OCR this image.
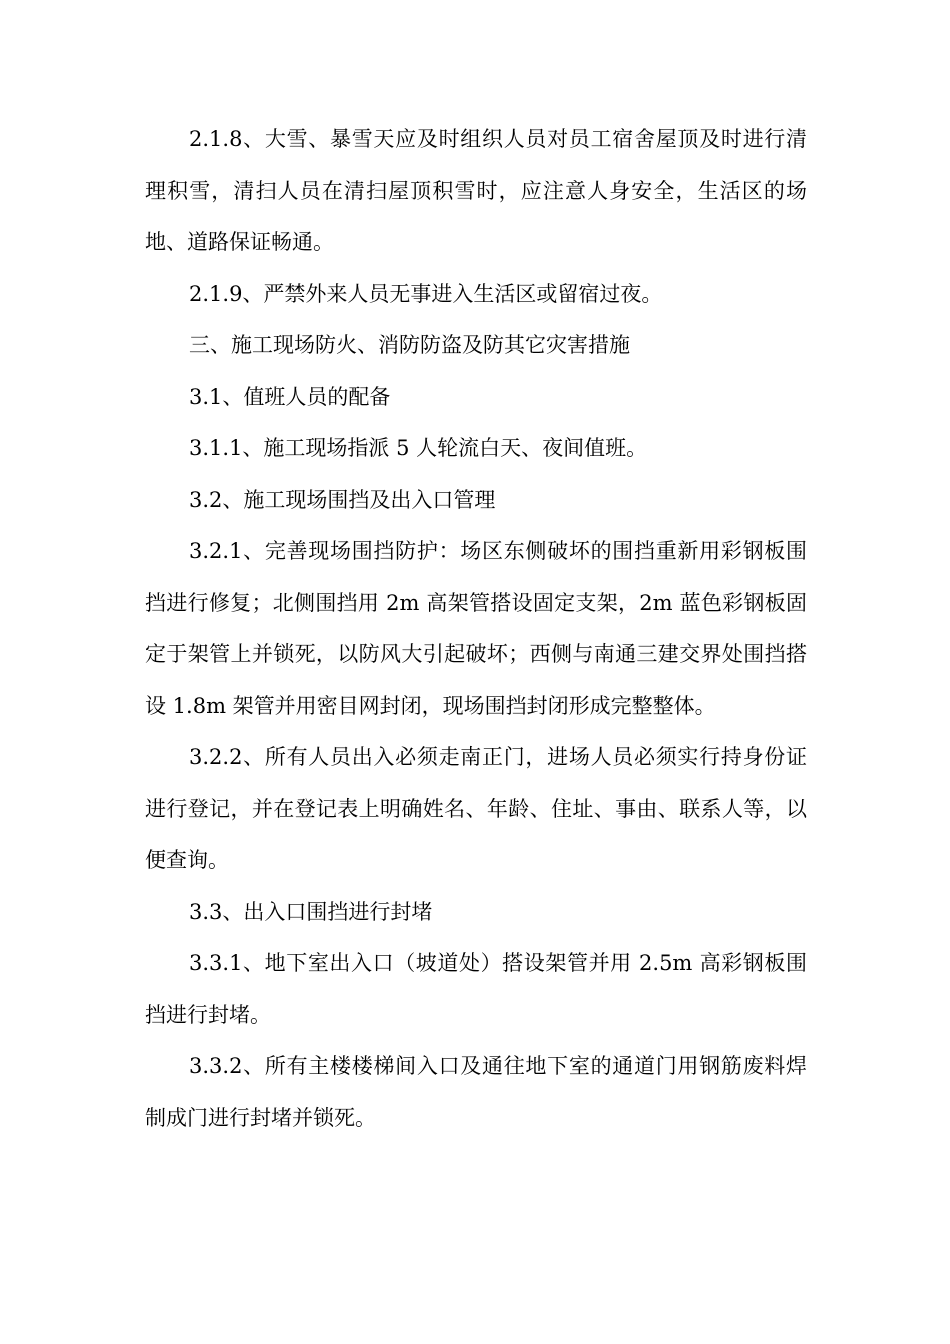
2.1.8、大雪、暴雪天应及时组织人员对员工宿舍屋顶及时进行清理积雪，清扫人员在清扫屋顶积雪时，应注意人身安全，生活区的场地、道路保证畅通。

2.1.9、严禁外来人员无事进入生活区或留宿过夜。

三、施工现场防火、消防防盗及防其它灾害措施

3.1、值班人员的配备

3.1.1、施工现场指派 5 人轮流白天、夜间值班。

3.2、施工现场围挡及出入口管理

3.2.1、完善现场围挡防护：场区东侧破坏的围挡重新用彩钢板围挡进行修复；北侧围挡用 2m 高架管搭设固定支架，2m 蓝色彩钢板固定于架管上并锁死，以防风大引起破坏；西侧与南通三建交界处围挡搭设 1.8m 架管并用密目网封闭，现场围挡封闭形成完整整体。

3.2.2、所有人员出入必须走南正门，进场人员必须实行持身份证进行登记，并在登记表上明确姓名、年龄、住址、事由、联系人等，以便查询。

3.3、出入口围挡进行封堵

3.3.1、地下室出入口（坡道处）搭设架管并用 2.5m 高彩钢板围挡进行封堵。

3.3.2、所有主楼楼梯间入口及通往地下室的通道门用钢筋废料焊制成门进行封堵并锁死。
